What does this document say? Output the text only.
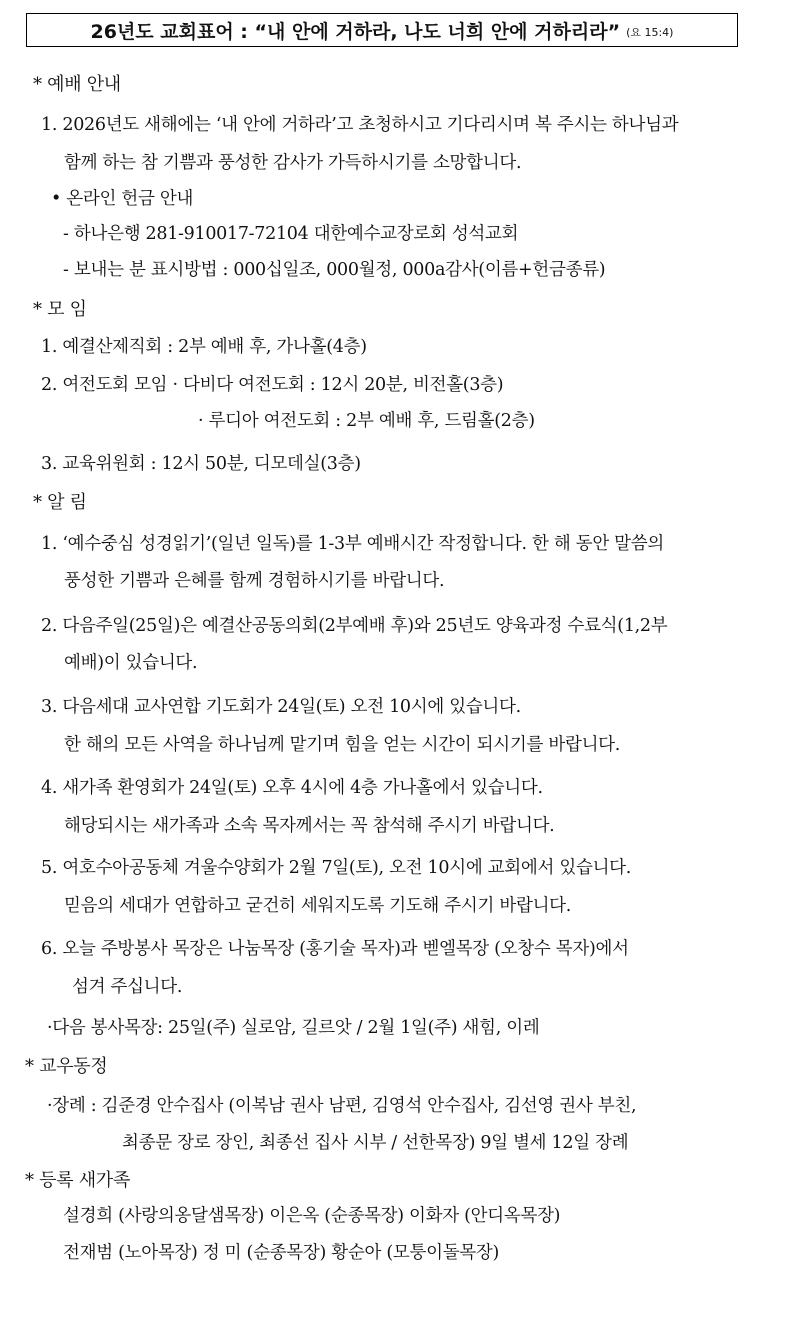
26년도 교회표어 : “내 안에 거하라, 나도 너희 안에 거하리라” (요 15:4)
* 예배 안내
1. 2026년도 새해에는 ‘내 안에 거하라’고 초청하시고 기다리시며 복 주시는 하나님과
함께 하는 참 기쁨과 풍성한 감사가 가득하시기를 소망합니다.
• 온라인 헌금 안내
- 하나은행 281-910017-72104 대한예수교장로회 성석교회
- 보내는 분 표시방법 : 000십일조, 000월정, 000a감사(이름+헌금종류)
* 모 임
1. 예결산제직회 : 2부 예배 후, 가나홀(4층)
2. 여전도회 모임 · 다비다 여전도회 : 12시 20분, 비전홀(3층)
· 루디아 여전도회 : 2부 예배 후, 드림홀(2층)
3. 교육위원회 : 12시 50분, 디모데실(3층)
* 알 림
1. ‘예수중심 성경읽기’(일년 일독)를 1-3부 예배시간 작정합니다. 한 해 동안 말씀의
풍성한 기쁨과 은혜를 함께 경험하시기를 바랍니다.
2. 다음주일(25일)은 예결산공동의회(2부예배 후)와 25년도 양육과정 수료식(1,2부
예배)이 있습니다.
3. 다음세대 교사연합 기도회가 24일(토) 오전 10시에 있습니다.
한 해의 모든 사역을 하나님께 맡기며 힘을 얻는 시간이 되시기를 바랍니다.
4. 새가족 환영회가 24일(토) 오후 4시에 4층 가나홀에서 있습니다.
해당되시는 새가족과 소속 목자께서는 꼭 참석해 주시기 바랍니다.
5. 여호수아공동체 겨울수양회가 2월 7일(토), 오전 10시에 교회에서 있습니다.
믿음의 세대가 연합하고 굳건히 세워지도록 기도해 주시기 바랍니다.
6. 오늘 주방봉사 목장은 나눔목장 (홍기술 목자)과 벧엘목장 (오창수 목자)에서
섬겨 주십니다.
·다음 봉사목장: 25일(주) 실로암, 길르앗 / 2월 1일(주) 새힘, 이레
* 교우동정
·장례 : 김준경 안수집사 (이복남 권사 남편, 김영석 안수집사, 김선영 권사 부친,
최종문 장로 장인, 최종선 집사 시부 / 선한목장) 9일 별세 12일 장례
* 등록 새가족
설경희 (사랑의옹달샘목장) 이은옥 (순종목장) 이화자 (안디옥목장)
전재범 (노아목장) 정 미 (순종목장) 황순아 (모퉁이돌목장)
